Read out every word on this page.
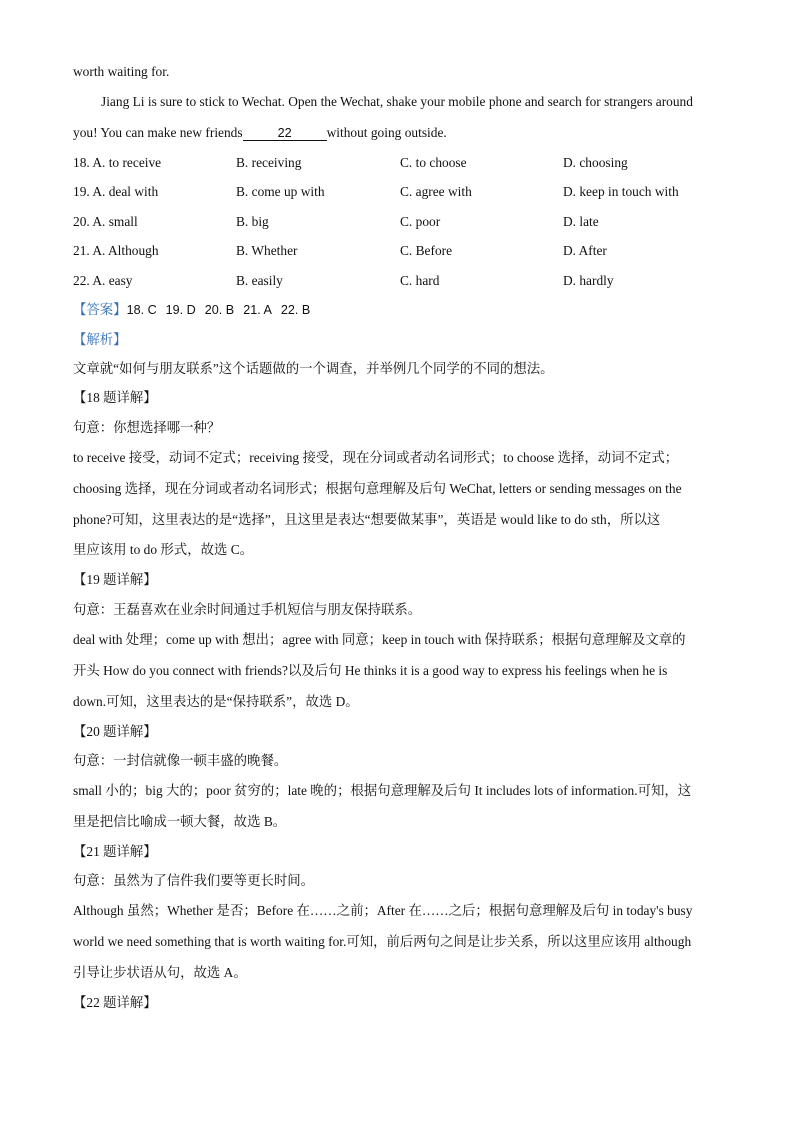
worth waiting for.
Jiang Li is sure to stick to Wechat. Open the Wechat, shake your mobile phone and search for strangers around
you! You can make new friends	22	without going outside.
18. A. to receive	B. receiving	C. to choose	D. choosing
19. A. deal with	B. come up with	C. agree with	D. keep in touch with
20. A. small	B. big	C. poor	D. late
21. A. Although	B. Whether	C. Before	D. After
22. A. easy	B. easily	C. hard	D. hardly
【答案】18. C 19. D 20. B 21. A 22. B
【解析】
文章就“如何与朋友联系”这个话题做的一个调查，并举例几个同学的不同的想法。
【18 题详解】
句意：你想选择哪一种？
to receive 接受，动词不定式；receiving 接受，现在分词或者动名词形式；to choose 选择，动词不定式；
choosing 选择，现在分词或者动名词形式；根据句意理解及后句 WeChat, letters or sending messages on the
phone?可知，这里表达的是“选择”，且这里是表达“想要做某事”，英语是 would like to do sth，所以这
里应该用 to do 形式，故选 C。
【19 题详解】
句意：王磊喜欢在业余时间通过手机短信与朋友保持联系。
deal with 处理；come up with 想出；agree with 同意；keep in touch with 保持联系；根据句意理解及文章的
开头 How do you connect with friends?以及后句 He thinks it is a good way to express his feelings when he is
down.可知，这里表达的是“保持联系”，故选 D。
【20 题详解】
句意：一封信就像一顿丰盛的晚餐。
small 小的；big 大的；poor 贫穷的；late 晚的；根据句意理解及后句 It includes lots of information.可知，这
里是把信比喻成一顿大餐，故选 B。
【21 题详解】
句意：虽然为了信件我们要等更长时间。
Although 虽然；Whether 是否；Before 在……之前；After 在……之后；根据句意理解及后句 in today's busy
world we need something that is worth waiting for.可知，前后两句之间是让步关系，所以这里应该用 although
引导让步状语从句，故选 A。
【22 题详解】
